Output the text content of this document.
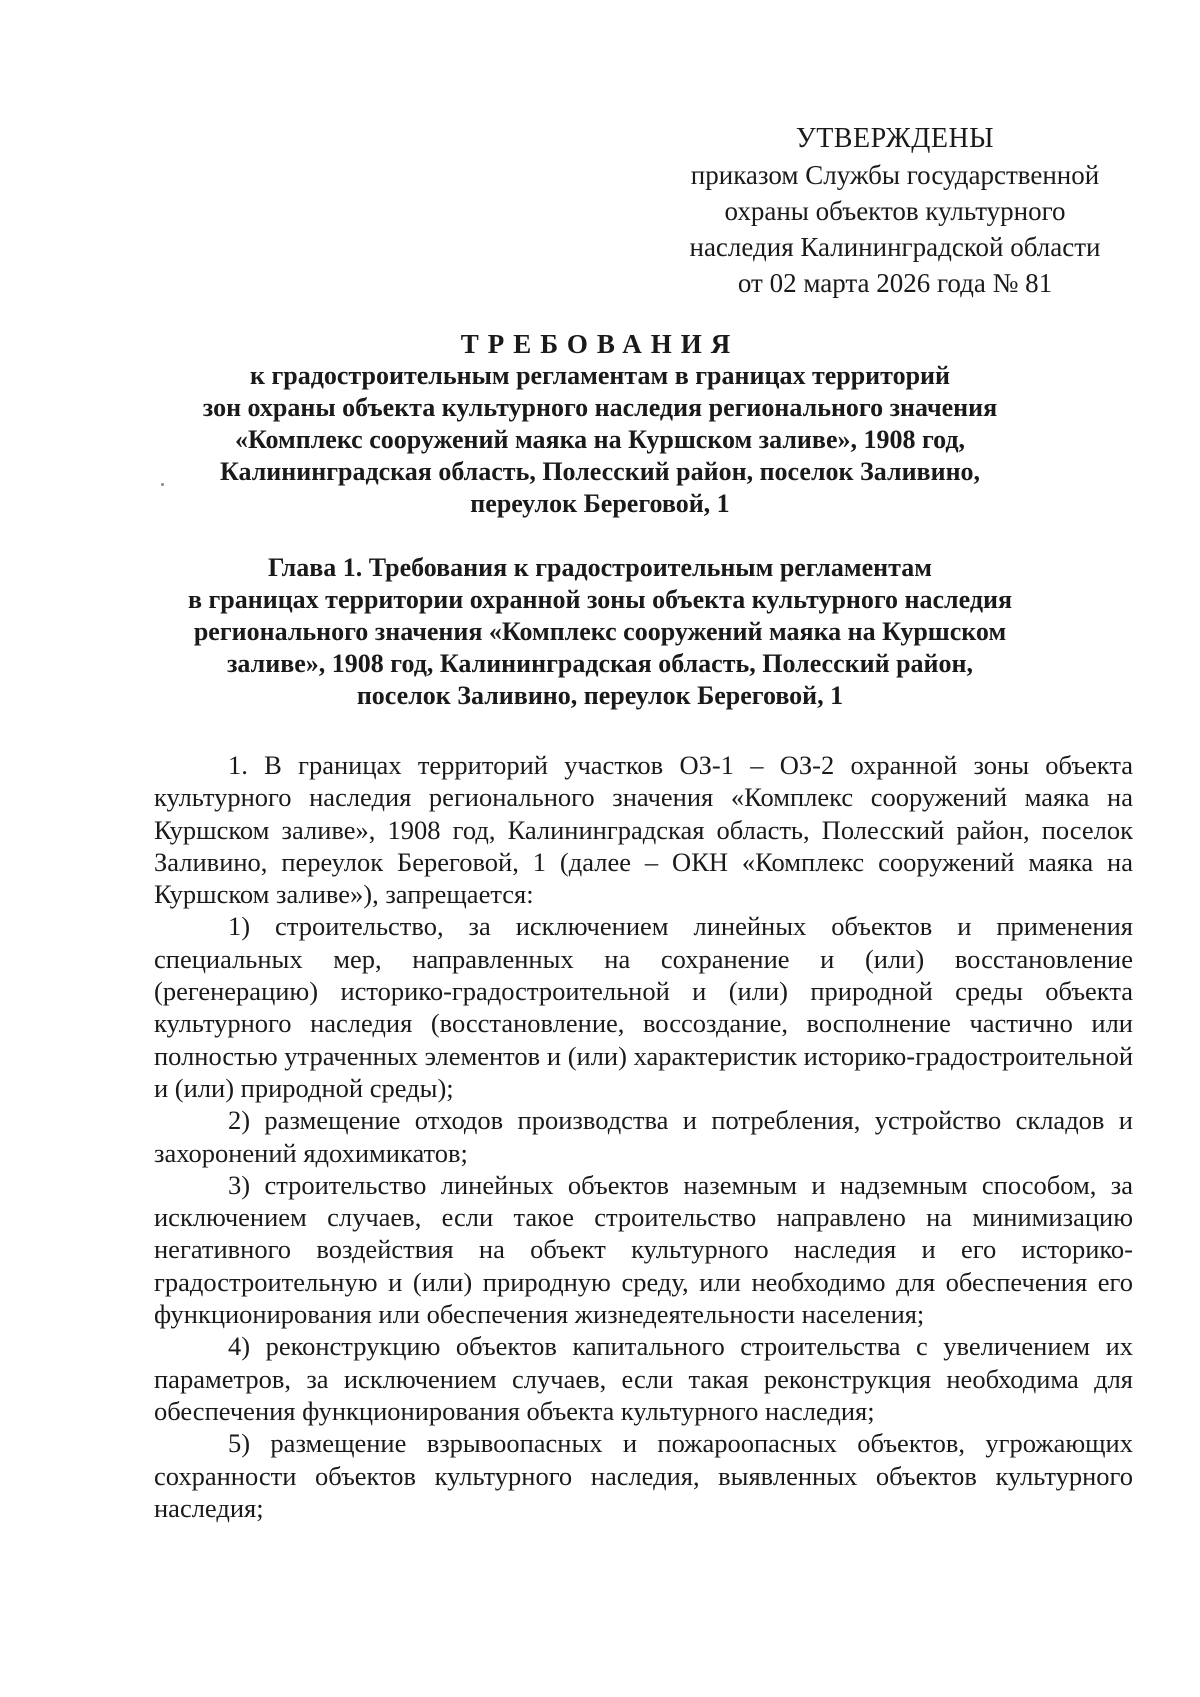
УТВЕРЖДЕНЫ
приказом Службы государственной
охраны объектов культурного
наследия Калининградской области
от 02 марта 2026 года № 81
ТРЕБОВАНИЯ
к градостроительным регламентам в границах территорий
зон охраны объекта культурного наследия регионального значения
«Комплекс сооружений маяка на Куршском заливе», 1908 год,
Калининградская область, Полесский район, поселок Заливино,
переулок Береговой, 1
Глава 1. Требования к градостроительным регламентам
в границах территории охранной зоны объекта культурного наследия
регионального значения «Комплекс сооружений маяка на Куршском
заливе», 1908 год, Калининградская область, Полесский район,
поселок Заливино, переулок Береговой, 1

1. В границах территорий участков ОЗ-1 – ОЗ-2 охранной зоны объекта культурного наследия регионального значения «Комплекс сооружений маяка на Куршском заливе», 1908 год, Калининградская область, Полесский район, поселок Заливино, переулок Береговой, 1 (далее – ОКН «Комплекс сооружений маяка на Куршском заливе»), запрещается:

1) строительство, за исключением линейных объектов и применения специальных мер, направленных на сохранение и (или) восстановление (регенерацию) историко-градостроительной и (или) природной среды объекта культурного наследия (восстановление, воссоздание, восполнение частично или полностью утраченных элементов и (или) характеристик историко-градостроительной и (или) природной среды);

2) размещение отходов производства и потребления, устройство складов и захоронений ядохимикатов;

3) строительство линейных объектов наземным и надземным способом, за исключением случаев, если такое строительство направлено на минимизацию негативного воздействия на объект культурного наследия и его историко-градостроительную и (или) природную среду, или необходимо для обеспечения его функционирования или обеспечения жизнедеятельности населения;

4) реконструкцию объектов капитального строительства с увеличением их параметров, за исключением случаев, если такая реконструкция необходима для обеспечения функционирования объекта культурного наследия;

5) размещение взрывоопасных и пожароопасных объектов, угрожающих сохранности объектов культурного наследия, выявленных объектов культурного наследия;
